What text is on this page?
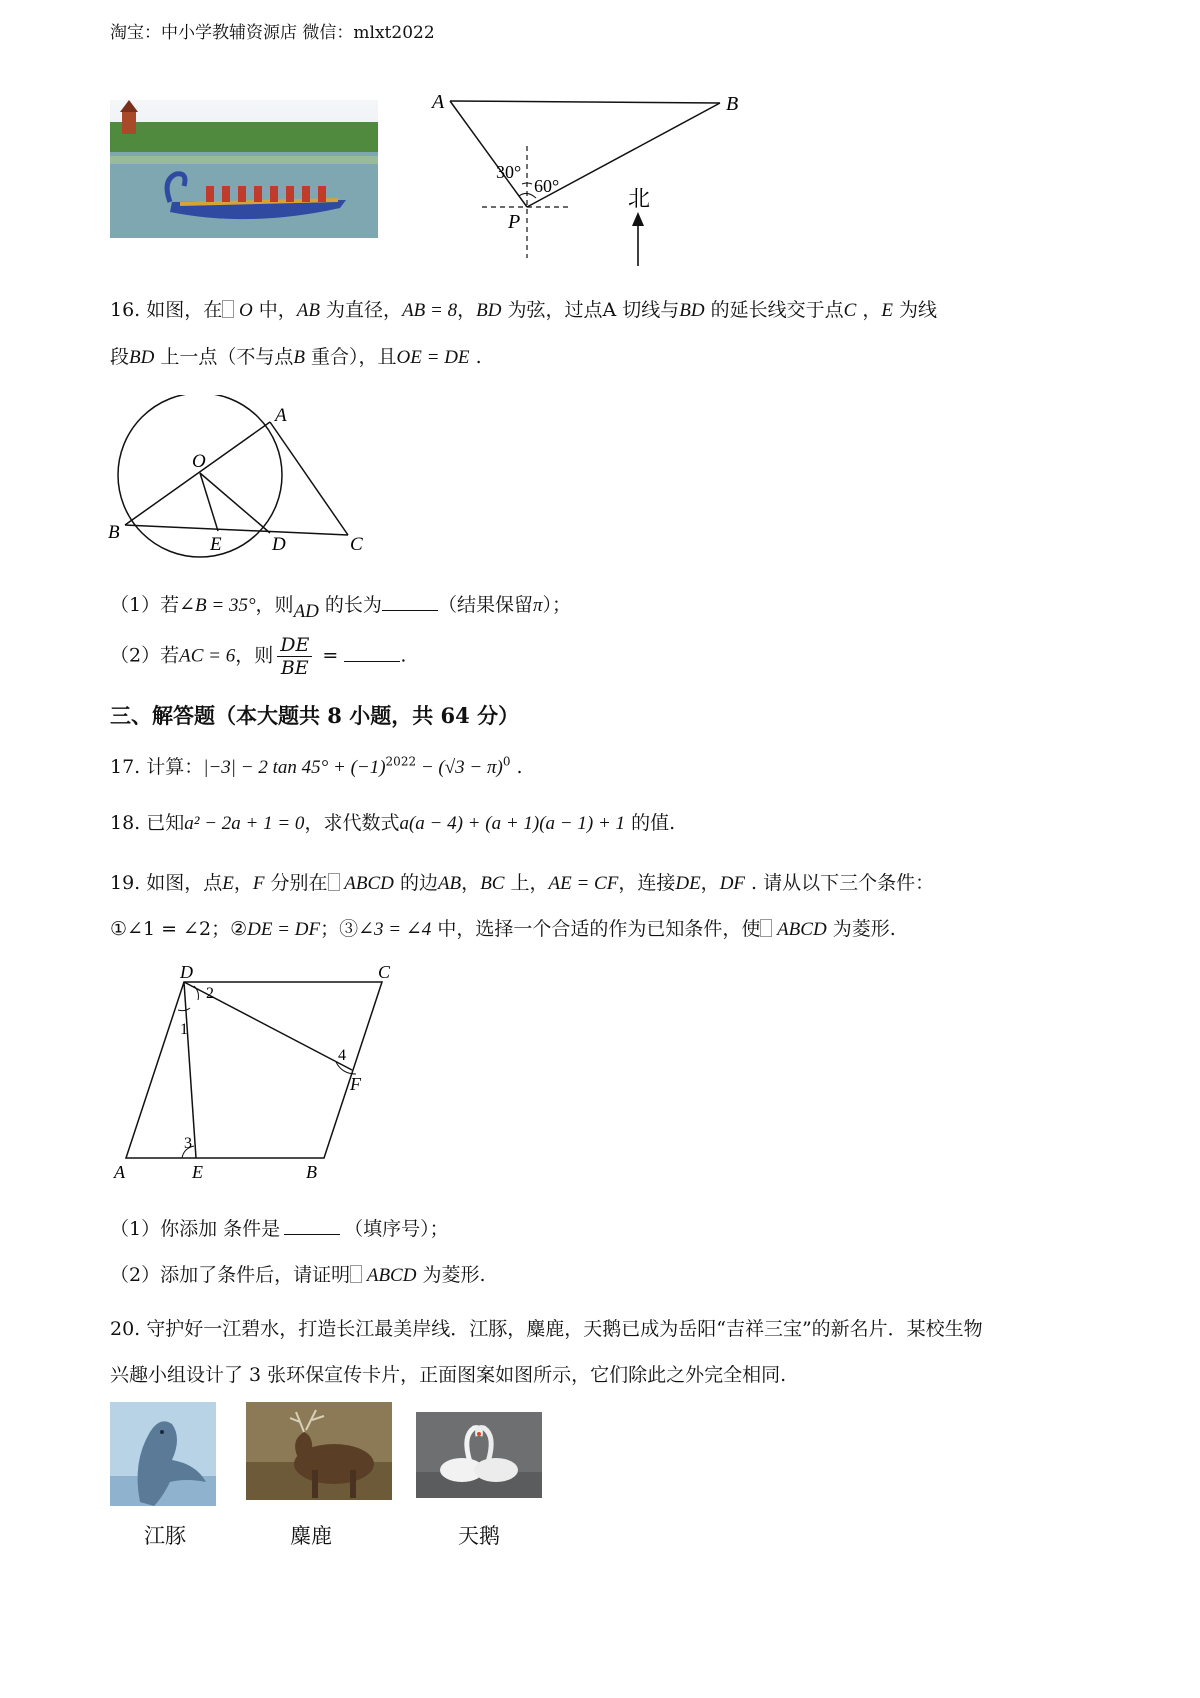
淘宝：中小学教辅资源店 微信：mlxt2022
A	B
P
30°
60°	北
16. 如图，在 O 中，AB 为直径，AB = 8，BD 为弦，过点A 切线与BD 的延长线交于点C ，E 为线
段BD 上一点（不与点B 重合），且OE = DE .
A
O
B
E	D	C
（1）若∠B = 35°，则AD 的长为	（结果保留π）；
（2）若AC = 6，则 $\frac{DE}{BE}$ =	.
三、解答题（本大题共 8 小题，共 64 分）
17. 计算：|−3| − 2 $\tan 45^\circ + (-1)^{2022} - (√3 - \pi)^0$ .
18. 已知a² − 2a + 1 = 0，求代数式a(a − 4) + (a + 1)(a − 1) + 1 的值.
19. 如图，点E，F 分别在 ABCD 的边AB，BC 上，AE = CF，连接DE，DF . 请从以下三个条件：
①∠1 = ∠2；②DE = DF；③∠3 = ∠4 中，选择一个合适的作为已知条件，使 ABCD 为菱形.
D	C
A	E	B
F
1
2
3
4
（1）你添加 条件是	（填序号）；
（2）添加了条件后，请证明 ABCD 为菱形.
20. 守护好一江碧水，打造长江最美岸线．江豚，麋鹿，天鹅已成为岳阳“吉祥三宝”的新名片．某校生物
兴趣小组设计了 3 张环保宣传卡片，正面图案如图所示，它们除此之外完全相同.
江豚	麋鹿	天鹅
